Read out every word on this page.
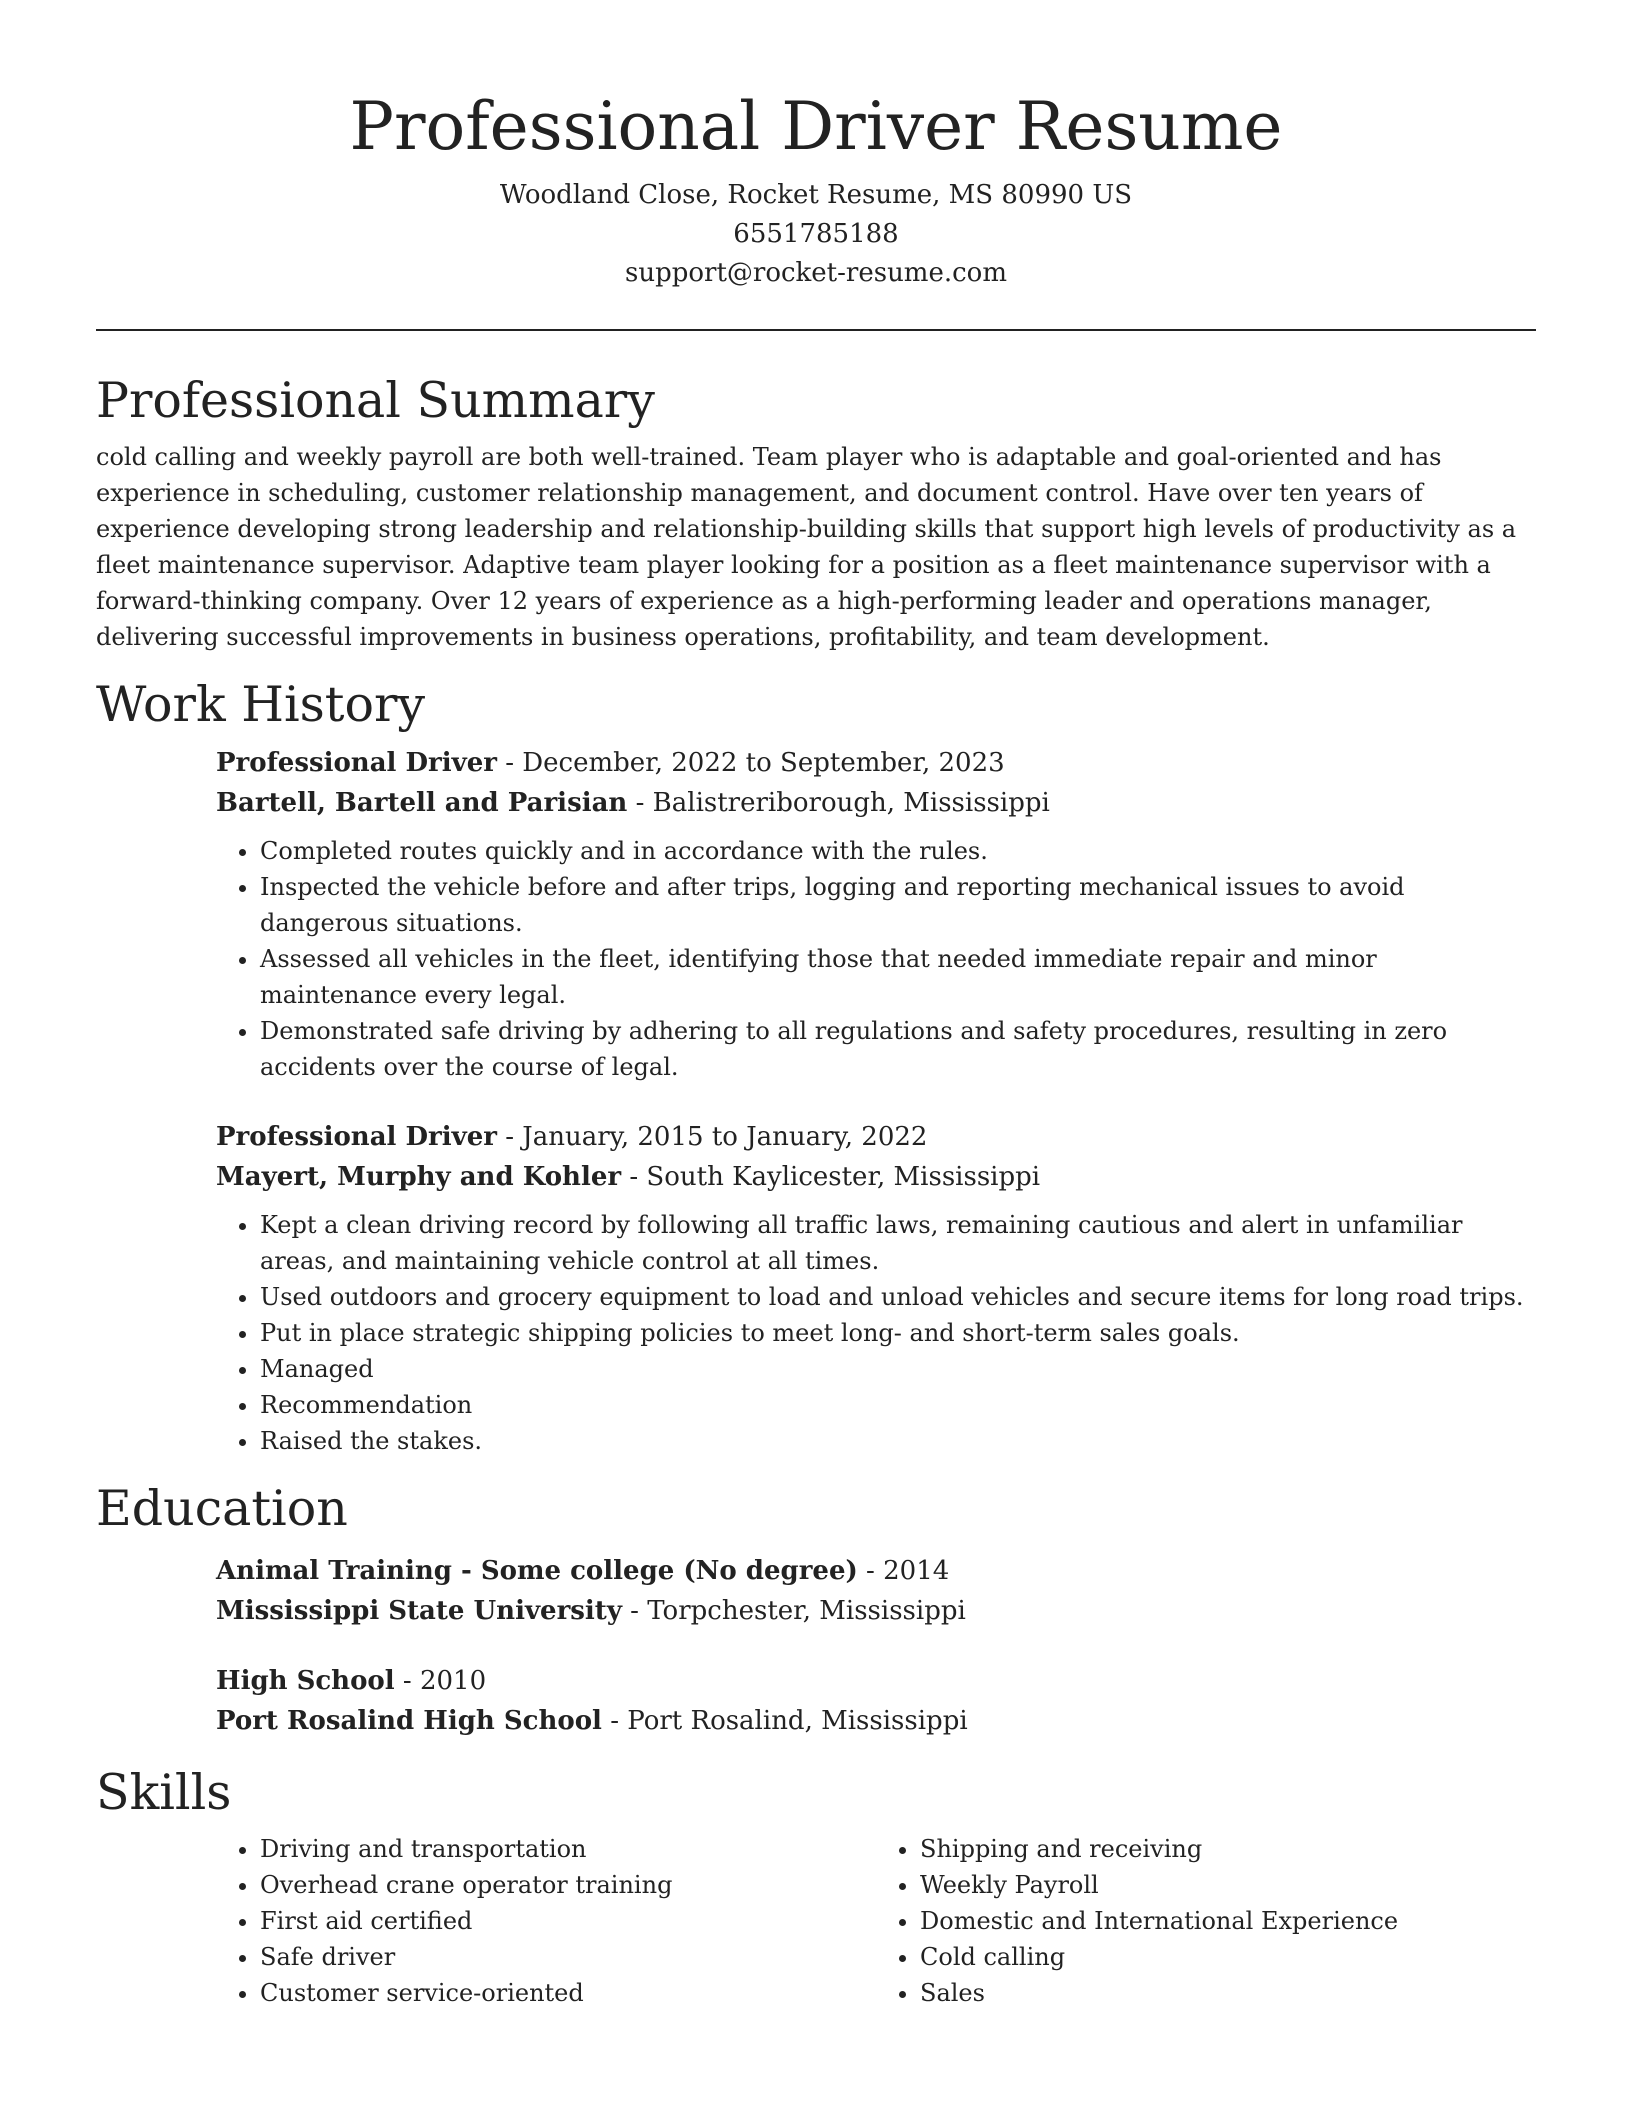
Professional Driver Resume
Woodland Close, Rocket Resume, MS 80990 US
6551785188
support@rocket-resume.com
Professional Summary

cold calling and weekly payroll are both well-trained. Team player who is adaptable and goal-oriented and has experience in scheduling, customer relationship management, and document control. Have over ten years of experience developing strong leadership and relationship-building skills that support high levels of productivity as a fleet maintenance supervisor. Adaptive team player looking for a position as a fleet maintenance supervisor with a forward-thinking company. Over 12 years of experience as a high-performing leader and operations manager, delivering successful improvements in business operations, profitability, and team development.

Work History
Professional Driver - December, 2022 to September, 2023
Bartell, Bartell and Parisian - Balistreriborough, Mississippi
• Completed routes quickly and in accordance with the rules.
• Inspected the vehicle before and after trips, logging and reporting mechanical issues to avoid dangerous situations.
• Assessed all vehicles in the fleet, identifying those that needed immediate repair and minor maintenance every legal.
• Demonstrated safe driving by adhering to all regulations and safety procedures, resulting in zero accidents over the course of legal.
Professional Driver - January, 2015 to January, 2022
Mayert, Murphy and Kohler - South Kaylicester, Mississippi
• Kept a clean driving record by following all traffic laws, remaining cautious and alert in unfamiliar areas, and maintaining vehicle control at all times.
• Used outdoors and grocery equipment to load and unload vehicles and secure items for long road trips.
• Put in place strategic shipping policies to meet long- and short-term sales goals.
• Managed
• Recommendation
• Raised the stakes.
Education
Animal Training - Some college (No degree) - 2014
Mississippi State University - Torpchester, Mississippi
High School - 2010
Port Rosalind High School - Port Rosalind, Mississippi
Skills
• Driving and transportation
• Overhead crane operator training
• First aid certified
• Safe driver
• Customer service-oriented
• Shipping and receiving
• Weekly Payroll
• Domestic and International Experience
• Cold calling
• Sales
